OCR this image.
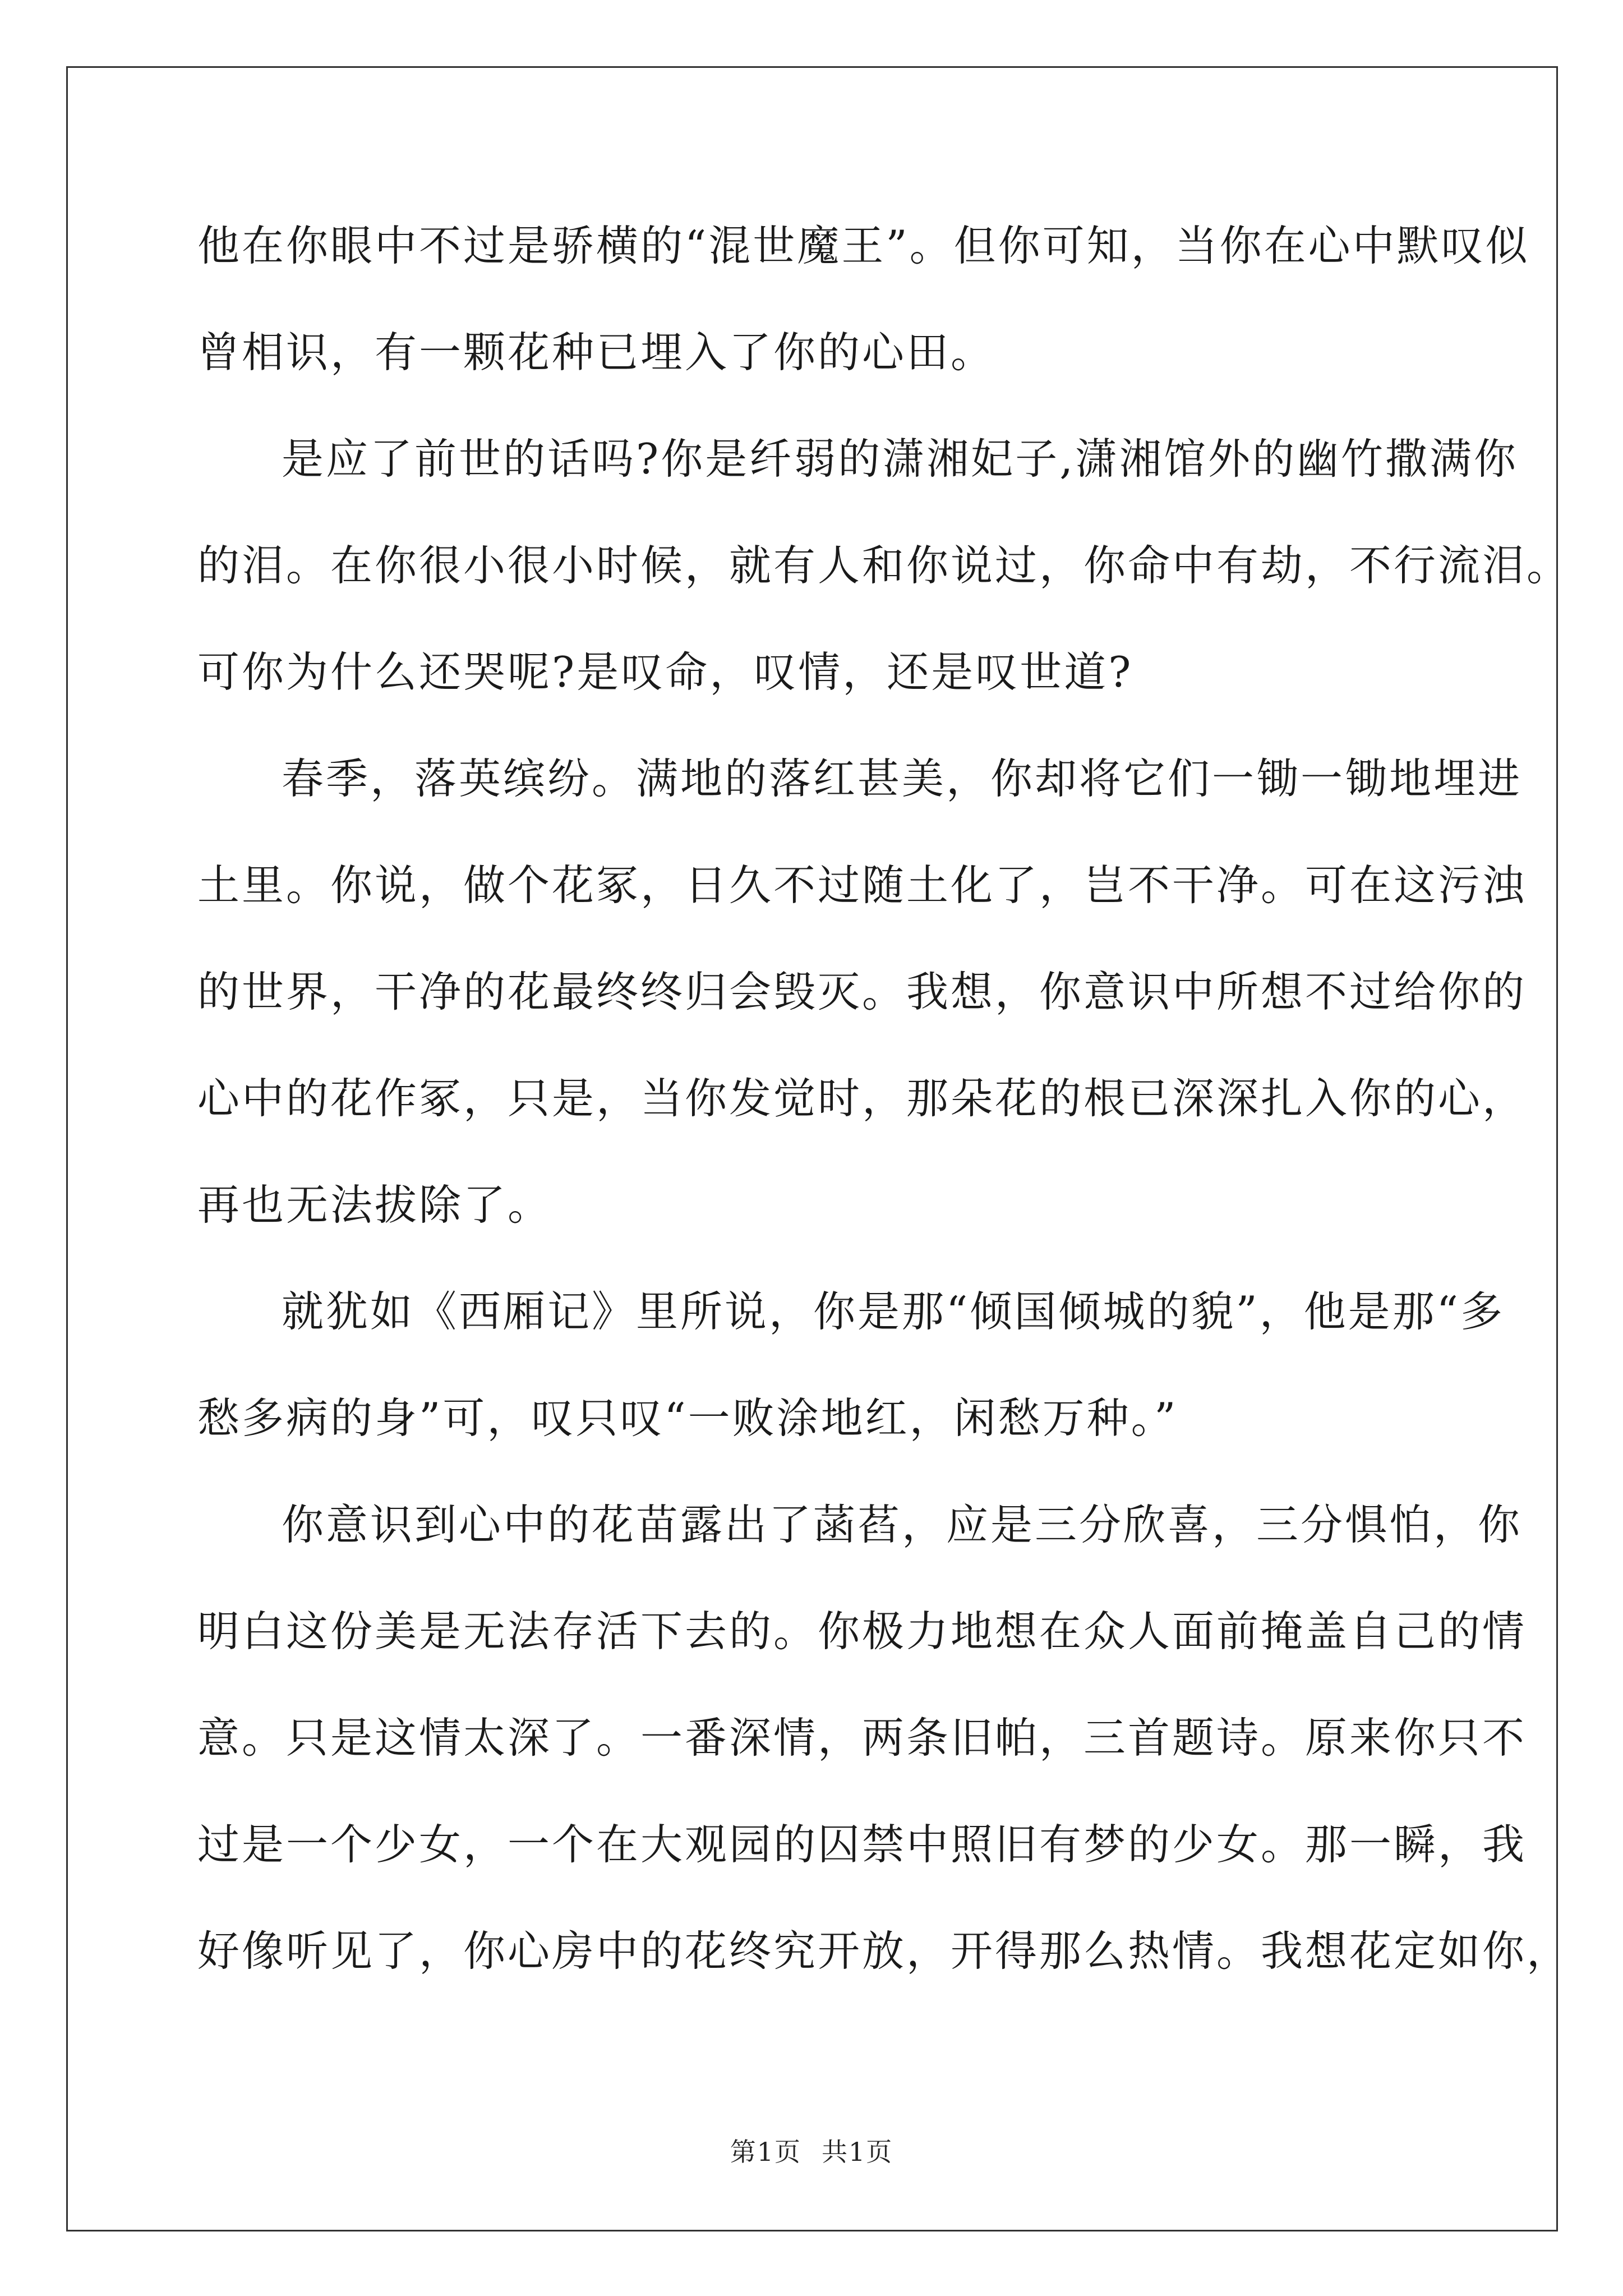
他在你眼中不过是骄横的“混世魔王”。但你可知，当你在心中默叹似
曾相识，有一颗花种已埋入了你的心田。
是应了前世的话吗?你是纤弱的潇湘妃子,潇湘馆外的幽竹撒满你
的泪。在你很小很小时候，就有人和你说过，你命中有劫，不行流泪。
可你为什么还哭呢?是叹命，叹情，还是叹世道?
春季，落英缤纷。满地的落红甚美，你却将它们一锄一锄地埋进
土里。你说，做个花冢，日久不过随土化了，岂不干净。可在这污浊
的世界，干净的花最终终归会毁灭。我想，你意识中所想不过给你的
心中的花作冢，只是，当你发觉时，那朵花的根已深深扎入你的心，
再也无法拔除了。
就犹如《西厢记》里所说，你是那“倾国倾城的貌”，他是那“多
愁多病的身”可，叹只叹“一败涂地红，闲愁万种。”
你意识到心中的花苗露出了菡萏，应是三分欣喜，三分惧怕，你
明白这份美是无法存活下去的。你极力地想在众人面前掩盖自己的情
意。只是这情太深了。一番深情，两条旧帕，三首题诗。原来你只不
过是一个少女，一个在大观园的囚禁中照旧有梦的少女。那一瞬，我
好像听见了，你心房中的花终究开放，开得那么热情。我想花定如你，
第1页 共1页
